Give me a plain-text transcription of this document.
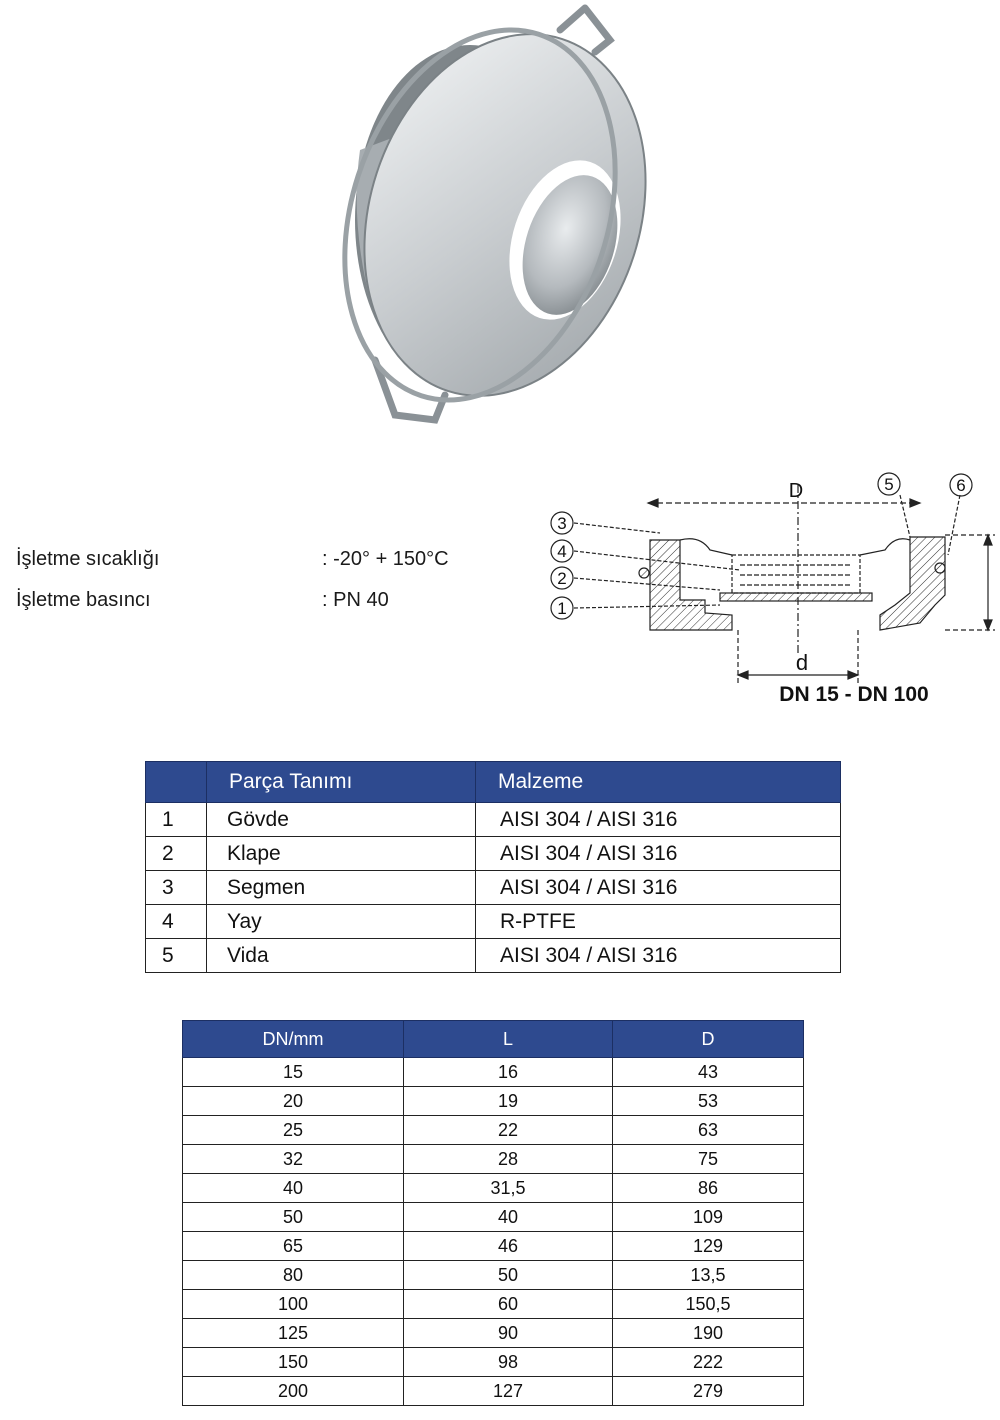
İşletme sıcaklığı	: -20° + 150°C
İşletme basıncı	: PN 40
3
4
2
1
5	6
D
d
DN 15 - DN 100
	Parça Tanımı	Malzeme
1	Gövde	AISI 304 / AISI 316
2	Klape	AISI 304 / AISI 316
3	Segmen	AISI 304 / AISI 316
4	Yay	R-PTFE
5	Vida	AISI 304 / AISI 316
DN/mm	L	D
15	16	43
20	19	53
25	22	63
32	28	75
40	31,5	86
50	40	109
65	46	129
80	50	13,5
100	60	150,5
125	90	190
150	98	222
200	127	279
